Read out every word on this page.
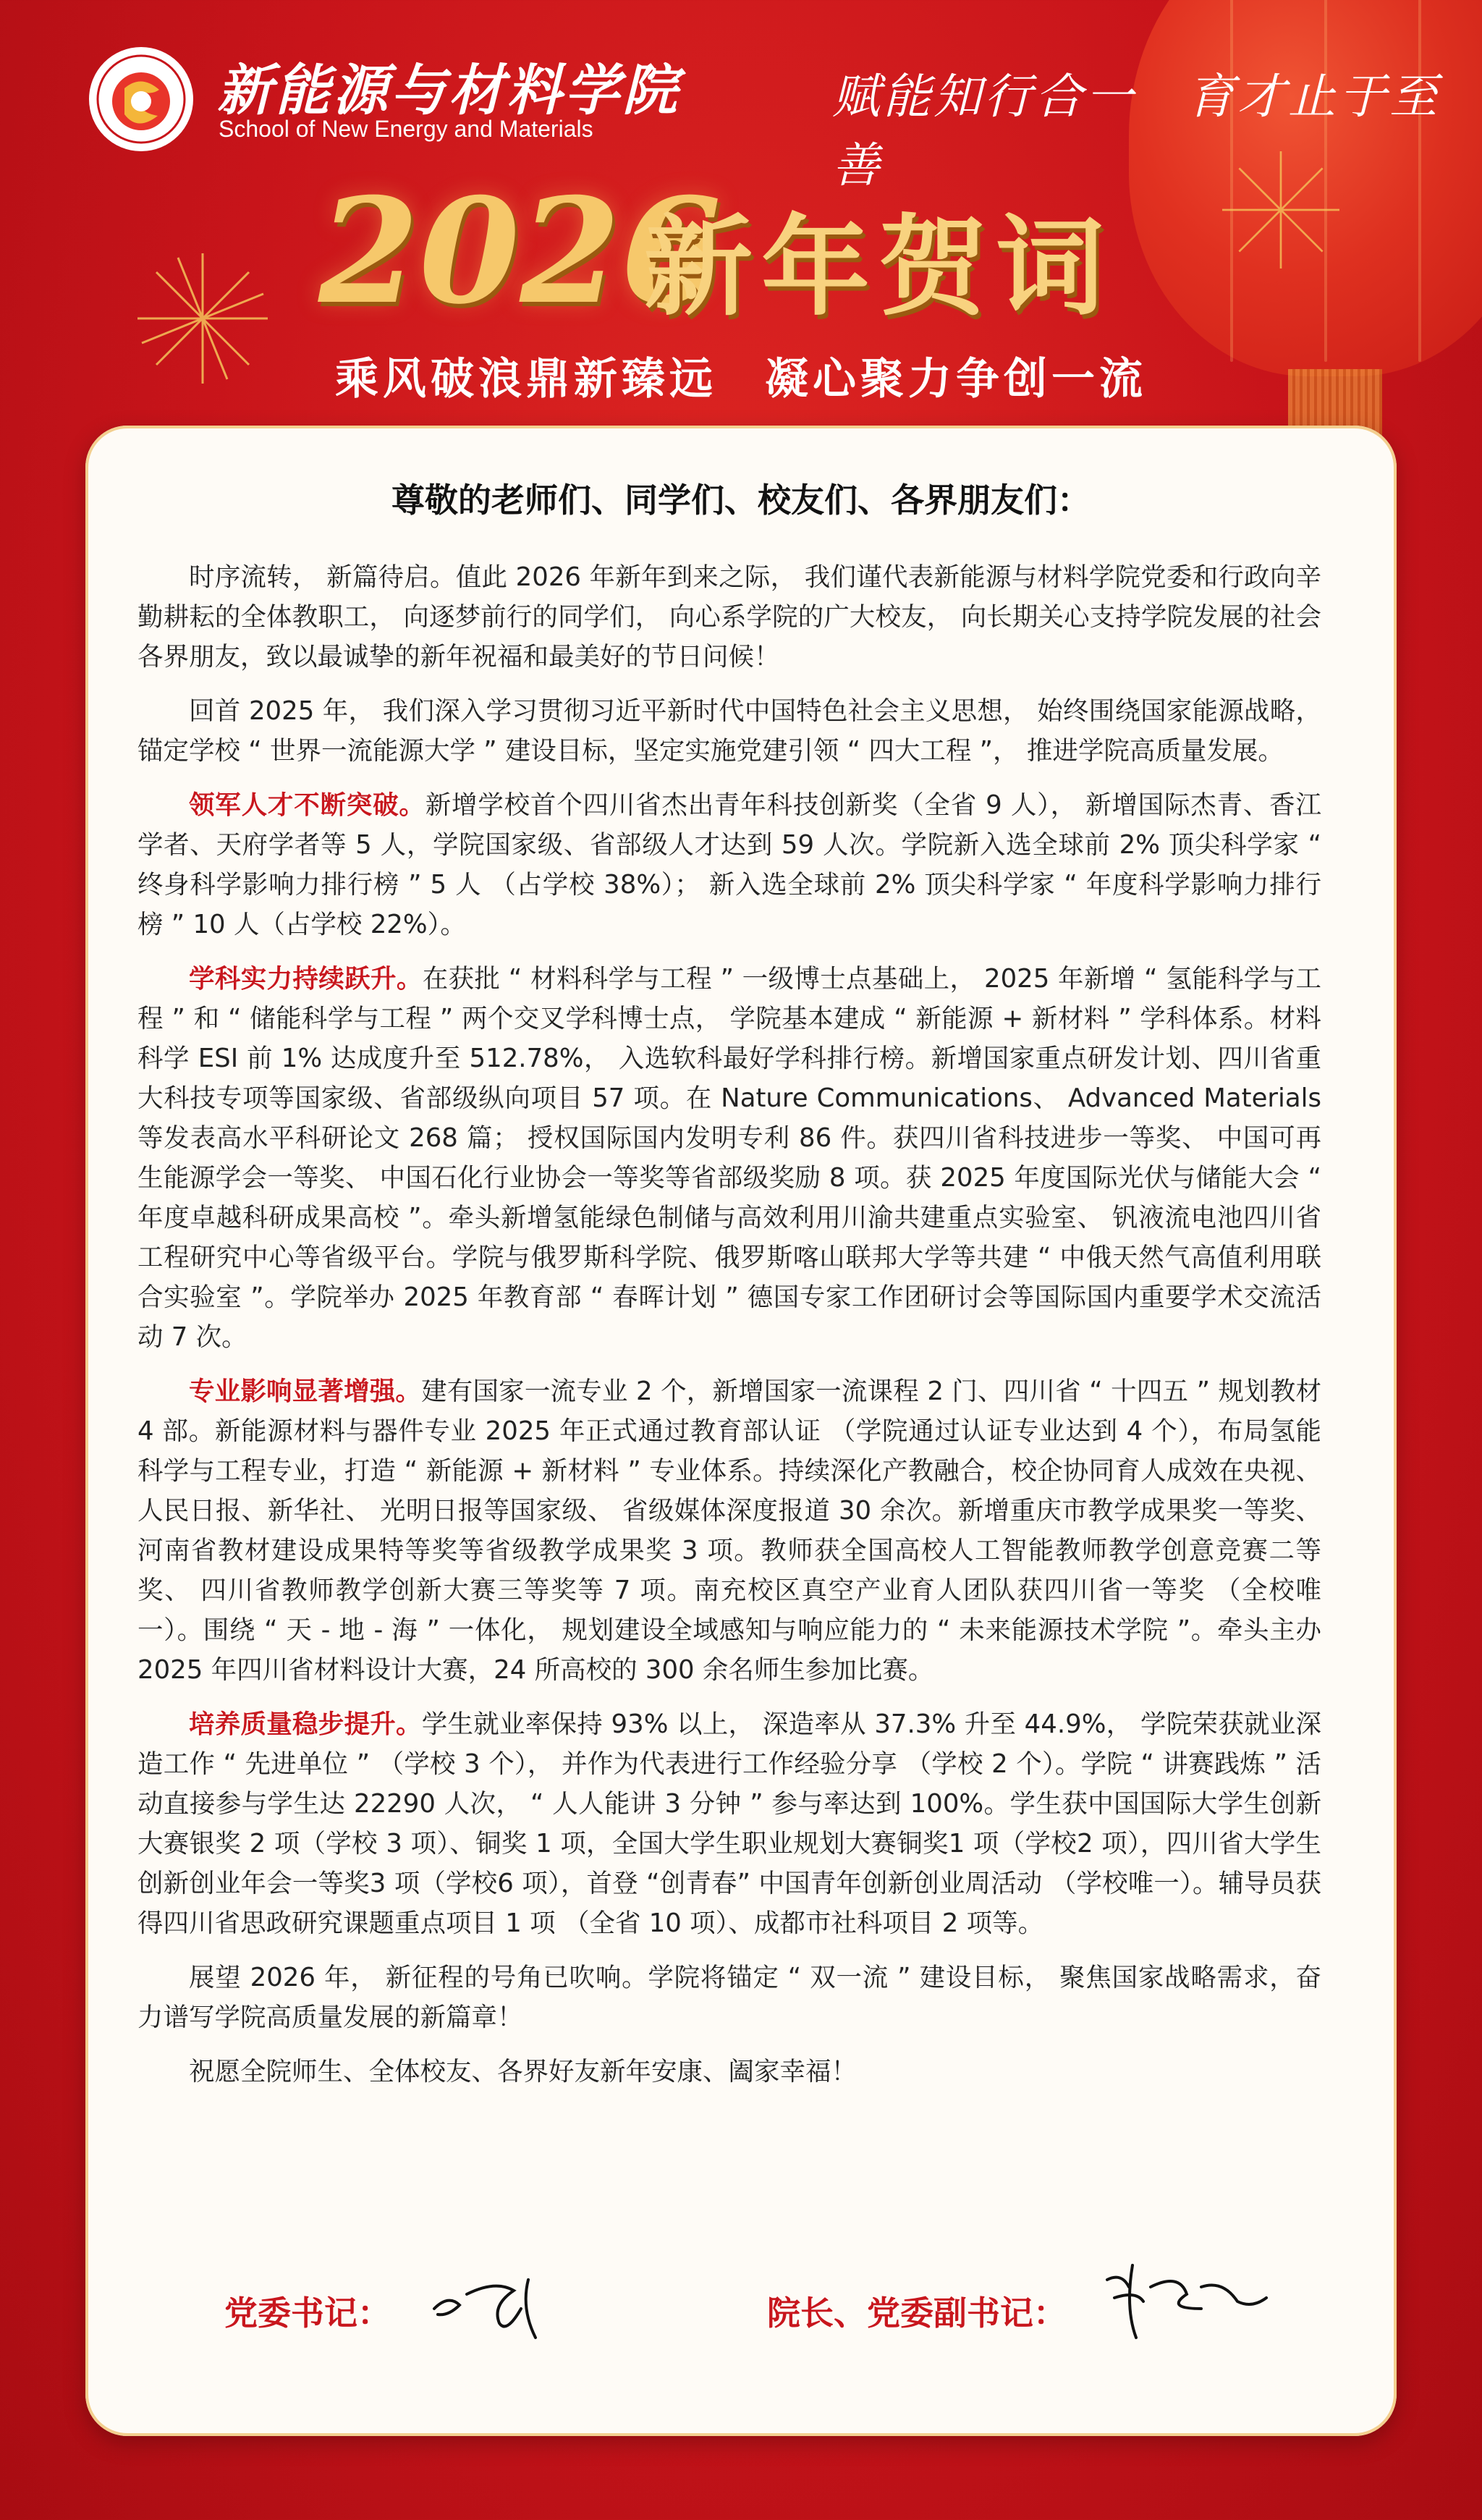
新能源与材料学院
School of New Energy and Materials
赋能知行合一　育才止于至善
2026
新年贺词
乘风破浪鼎新臻远　凝心聚力争创一流
尊敬的老师们、同学们、校友们、各界朋友们：

时序流转， 新篇待启。值此 2026 年新年到来之际， 我们谨代表新能源与材料学院党委和行政向辛勤耕耘的全体教职工， 向逐梦前行的同学们， 向心系学院的广大校友， 向长期关心支持学院发展的社会各界朋友，致以最诚挚的新年祝福和最美好的节日问候！

回首 2025 年， 我们深入学习贯彻习近平新时代中国特色社会主义思想， 始终围绕国家能源战略，锚定学校 “ 世界一流能源大学 ” 建设目标，坚定实施党建引领 “ 四大工程 ”， 推进学院高质量发展。

领军人才不断突破。新增学校首个四川省杰出青年科技创新奖（全省 9 人）， 新增国际杰青、香江学者、天府学者等 5 人，学院国家级、省部级人才达到 59 人次。学院新入选全球前 2% 顶尖科学家 “ 终身科学影响力排行榜 ” 5 人 （占学校 38%）； 新入选全球前 2% 顶尖科学家 “ 年度科学影响力排行榜 ” 10 人（占学校 22%）。

学科实力持续跃升。在获批 “ 材料科学与工程 ” 一级博士点基础上， 2025 年新增 “ 氢能科学与工程 ” 和 “ 储能科学与工程 ” 两个交叉学科博士点， 学院基本建成 “ 新能源 + 新材料 ” 学科体系。材料科学 ESI 前 1% 达成度升至 512.78%， 入选软科最好学科排行榜。新增国家重点研发计划、四川省重大科技专项等国家级、省部级纵向项目 57 项。在 Nature Communications、 Advanced Materials 等发表高水平科研论文 268 篇； 授权国际国内发明专利 86 件。获四川省科技进步一等奖、 中国可再生能源学会一等奖、 中国石化行业协会一等奖等省部级奖励 8 项。获 2025 年度国际光伏与储能大会 “ 年度卓越科研成果高校 ”。牵头新增氢能绿色制储与高效利用川渝共建重点实验室、 钒液流电池四川省工程研究中心等省级平台。学院与俄罗斯科学院、俄罗斯喀山联邦大学等共建 “ 中俄天然气高值利用联合实验室 ”。学院举办 2025 年教育部 “ 春晖计划 ” 德国专家工作团研讨会等国际国内重要学术交流活动 7 次。

专业影响显著增强。建有国家一流专业 2 个，新增国家一流课程 2 门、四川省 “ 十四五 ” 规划教材 4 部。新能源材料与器件专业 2025 年正式通过教育部认证 （学院通过认证专业达到 4 个），布局氢能科学与工程专业，打造 “ 新能源 + 新材料 ” 专业体系。持续深化产教融合，校企协同育人成效在央视、 人民日报、新华社、 光明日报等国家级、 省级媒体深度报道 30 余次。新增重庆市教学成果奖一等奖、 河南省教材建设成果特等奖等省级教学成果奖 3 项。教师获全国高校人工智能教师教学创意竞赛二等奖、 四川省教师教学创新大赛三等奖等 7 项。南充校区真空产业育人团队获四川省一等奖 （全校唯一）。围绕 “ 天 - 地 - 海 ” 一体化， 规划建设全域感知与响应能力的 “ 未来能源技术学院 ”。牵头主办 2025 年四川省材料设计大赛，24 所高校的 300 余名师生参加比赛。

培养质量稳步提升。学生就业率保持 93% 以上， 深造率从 37.3% 升至 44.9%， 学院荣获就业深造工作 “ 先进单位 ” （学校 3 个）， 并作为代表进行工作经验分享 （学校 2 个）。学院 “ 讲赛践炼 ” 活动直接参与学生达 22290 人次， “ 人人能讲 3 分钟 ” 参与率达到 100%。学生获中国国际大学生创新大赛银奖 2 项（学校 3 项）、铜奖 1 项，全国大学生职业规划大赛铜奖1 项（学校2 项），四川省大学生创新创业年会一等奖3 项（学校6 项），首登 “创青春” 中国青年创新创业周活动 （学校唯一）。辅导员获得四川省思政研究课题重点项目 1 项 （全省 10 项）、成都市社科项目 2 项等。

展望 2026 年， 新征程的号角已吹响。学院将锚定 “ 双一流 ” 建设目标， 聚焦国家战略需求，奋力谱写学院高质量发展的新篇章！

祝愿全院师生、全体校友、各界好友新年安康、阖家幸福！

党委书记：	院长、党委副书记：
